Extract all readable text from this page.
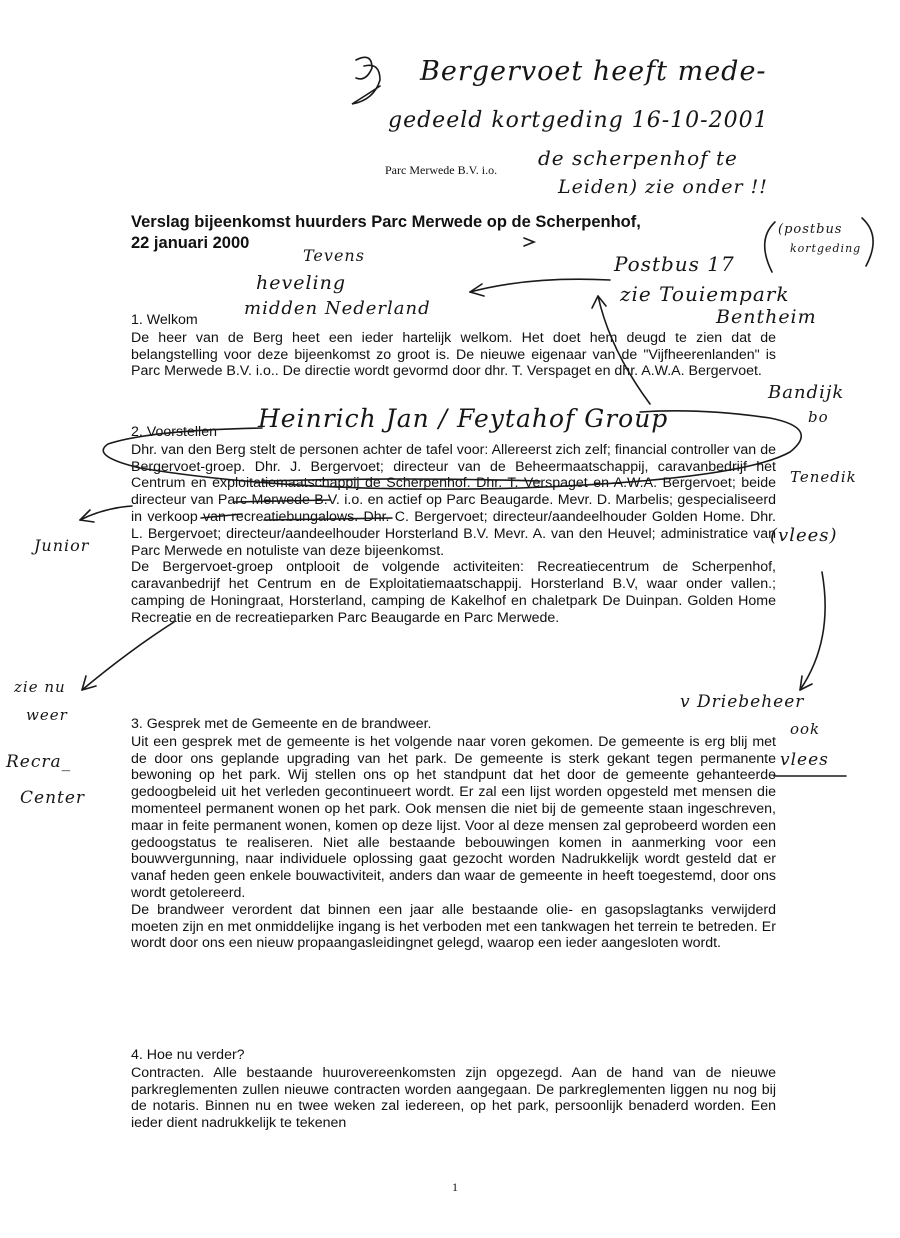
Parc Merwede B.V. i.o.
Verslag bijeenkomst huurders Parc Merwede op de Scherpenhof,
22 januari 2000
1. Welkom

De heer van de Berg heet een ieder hartelijk welkom. Het doet hem deugd te zien dat de belangstelling voor deze bijeenkomst zo groot is. De nieuwe eigenaar van de "Vijfheerenlanden" is Parc Merwede B.V. i.o.. De directie wordt gevormd door dhr. T. Verspaget en dhr. A.W.A. Bergervoet.

2. Voorstellen

Dhr. van den Berg stelt de personen achter de tafel voor: Allereerst zich zelf; financial controller van de Bergervoet-groep. Dhr. J. Bergervoet; directeur van de Beheermaatschappij, caravanbedrijf het Centrum en exploitatiemaatschappij de Scherpenhof. Dhr. T. Verspaget en A.W.A. Bergervoet; beide directeur van Parc Merwede B.V. i.o. en actief op Parc Beaugarde. Mevr. D. Marbelis; gespecialiseerd in verkoop van recreatiebungalows. Dhr. C. Bergervoet; directeur/aandeelhouder Golden Home. Dhr. L. Bergervoet; directeur/aandeelhouder Horsterland B.V. Mevr. A. van den Heuvel; administratice van Parc Merwede en notuliste van deze bijeenkomst.

De Bergervoet-groep ontplooit de volgende activiteiten: Recreatiecentrum de Scherpenhof, caravanbedrijf het Centrum en de Exploitatiemaatschappij. Horsterland B.V, waar onder vallen.; camping de Honingraat, Horsterland, camping de Kakelhof en chaletpark De Duinpan. Golden Home Recreatie en de recreatieparken Parc Beaugarde en Parc Merwede.

3. Gesprek met de Gemeente en de brandweer.

Uit een gesprek met de gemeente is het volgende naar voren gekomen. De gemeente is erg blij met de door ons geplande upgrading van het park. De gemeente is sterk gekant tegen permanente bewoning op het park. Wij stellen ons op het standpunt dat het door de gemeente gehanteerde gedoogbeleid uit het verleden gecontinueert wordt. Er zal een lijst worden opgesteld met mensen die momenteel permanent wonen op het park. Ook mensen die niet bij de gemeente staan ingeschreven, maar in feite permanent wonen, komen op deze lijst. Voor al deze mensen zal geprobeerd worden een gedoogstatus te realiseren. Niet alle bestaande bebouwingen komen in aanmerking voor een bouwvergunning, naar individuele oplossing gaat gezocht worden Nadrukkelijk wordt gesteld dat er vanaf heden geen enkele bouwactiviteit, anders dan waar de gemeente in heeft toegestemd, door ons wordt getolereerd.

De brandweer verordent dat binnen een jaar alle bestaande olie- en gasopslagtanks verwijderd moeten zijn en met onmiddelijke ingang is het verboden met een tankwagen het terrein te betreden. Er wordt door ons een nieuw propaangasleidingnet gelegd, waarop een ieder aangesloten wordt.

4. Hoe nu verder?

Contracten. Alle bestaande huurovereenkomsten zijn opgezegd. Aan de hand van de nieuwe parkreglementen zullen nieuwe contracten worden aangegaan. De parkreglementen liggen nu nog bij de notaris. Binnen nu en twee weken zal iedereen, op het park, persoonlijk benaderd worden. Een ieder dient nadrukkelijk te tekenen

1
Bergervoet heeft mede-
gedeeld kortgeding 16-10-2001
de scherpenhof te
Leiden) zie onder !!
(postbus
kortgeding
Tevens
heveling
midden Nederland
Postbus 17
zie Touiempark
Bentheim
Bandijk
bo
Heinrich Jan / Feytahof Group
Tenedik
Junior	(vlees)
zie nu
weer
Recra_
Center
v Driebeheer
ook
vlees
